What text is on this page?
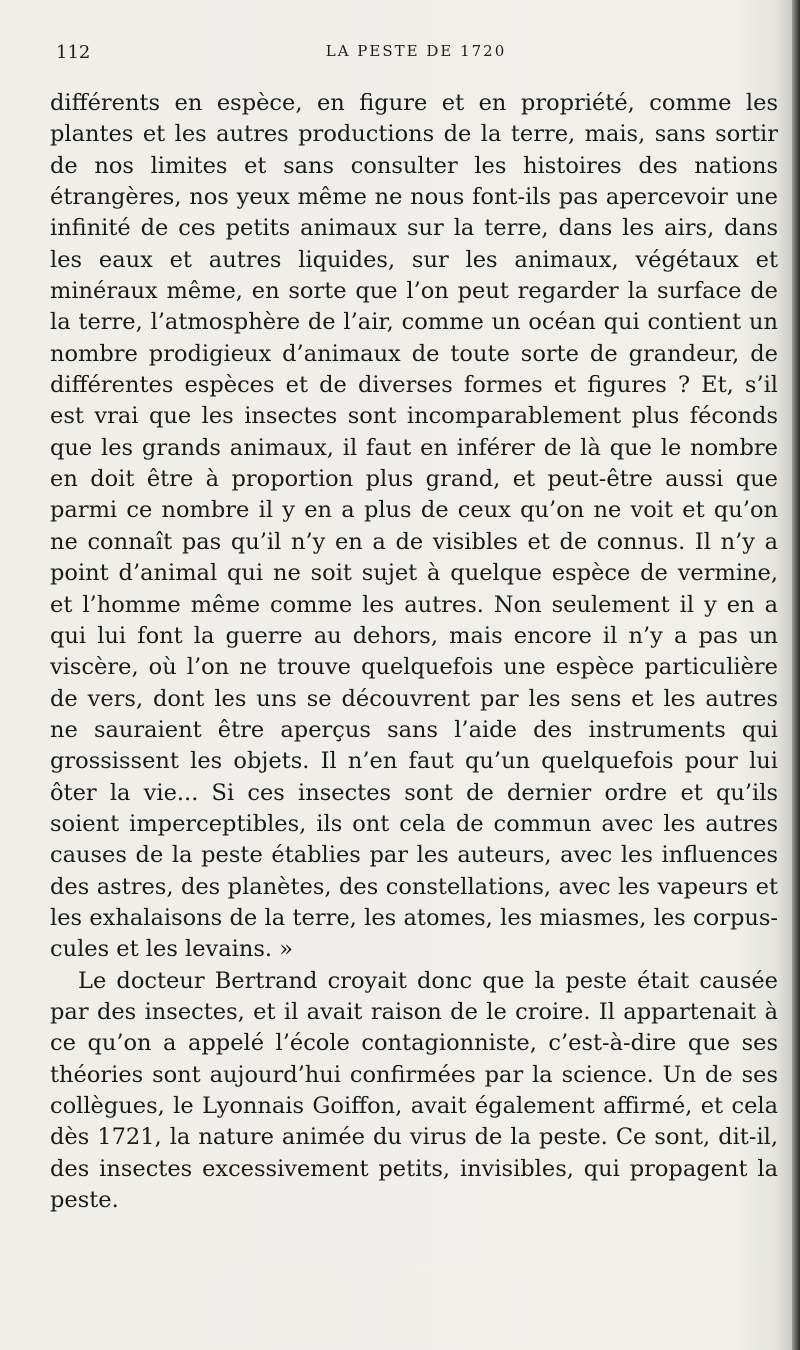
112	LA PESTE DE 1720

différents en espèce, en figure et en propriété, comme les plantes et les autres productions de la terre, mais, sans sortir de nos limites et sans consulter les histoires des nations étrangères, nos yeux même ne nous font-ils pas apercevoir une infinité de ces petits animaux sur la terre, dans les airs, dans les eaux et autres liquides, sur les animaux, végétaux et minéraux même, en sorte que l’on peut regarder la surface de la terre, l’atmosphère de l’air, comme un océan qui contient un nombre prodigieux d’animaux de toute sorte de grandeur, de différentes espèces et de diverses formes et figures ? Et, s’il est vrai que les insectes sont incomparablement plus féconds que les grands animaux, il faut en inférer de là que le nombre en doit être à proportion plus grand, et peut-être aussi que parmi ce nombre il y en a plus de ceux qu’on ne voit et qu’on ne connaît pas qu’il n’y en a de visibles et de connus. Il n’y a point d’animal qui ne soit sujet à quelque espèce de vermine, et l’homme même comme les autres. Non seulement il y en a qui lui font la guerre au dehors, mais encore il n’y a pas un viscère, où l’on ne trouve quelquefois une espèce particulière de vers, dont les uns se découvrent par les sens et les autres ne sauraient être aperçus sans l’aide des instruments qui grossissent les objets. Il n’en faut qu’un quelquefois pour lui ôter la vie... Si ces insectes sont de dernier ordre et qu’ils soient imperceptibles, ils ont cela de commun avec les autres causes de la peste établies par les auteurs, avec les influences des astres, des planètes, des constellations, avec les vapeurs et les exhalaisons de la terre, les atomes, les miasmes, les corpuscules et les levains. »

Le docteur Bertrand croyait donc que la peste était causée par des insectes, et il avait raison de le croire. Il appartenait à ce qu’on a appelé l’école contagionniste, c’est-à-dire que ses théories sont aujourd’hui confirmées par la science. Un de ses collègues, le Lyonnais Goiffon, avait également affirmé, et cela dès 1721, la nature animée du virus de la peste. Ce sont, dit-il, des insectes excessivement petits, invisibles, qui propagent la peste.
